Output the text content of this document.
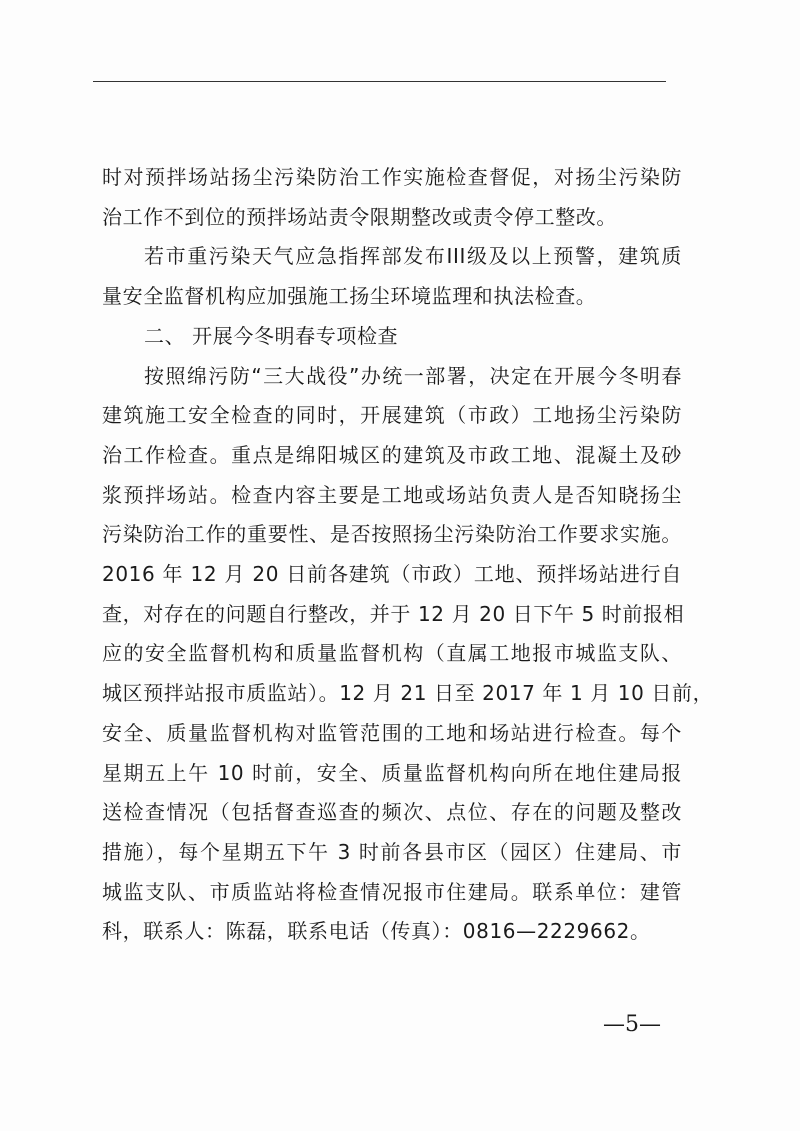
时对预拌场站扬尘污染防治工作实施检查督促，对扬尘污染防
治工作不到位的预拌场站责令限期整改或责令停工整改。
若市重污染天气应急指挥部发布III级及以上预警，建筑质
量安全监督机构应加强施工扬尘环境监理和执法检查。
二、 开展今冬明春专项检查
按照绵污防“三大战役”办统一部署，决定在开展今冬明春
建筑施工安全检查的同时，开展建筑（市政）工地扬尘污染防
治工作检查。重点是绵阳城区的建筑及市政工地、混凝土及砂
浆预拌场站。检查内容主要是工地或场站负责人是否知晓扬尘
污染防治工作的重要性、是否按照扬尘污染防治工作要求实施。
2016 年 12 月 20 日前各建筑（市政）工地、预拌场站进行自
查，对存在的问题自行整改，并于 12 月 20 日下午 5 时前报相
应的安全监督机构和质量监督机构（直属工地报市城监支队、
城区预拌站报市质监站）。12 月 21 日至 2017 年 1 月 10 日前，
安全、质量监督机构对监管范围的工地和场站进行检查。每个
星期五上午 10 时前，安全、质量监督机构向所在地住建局报
送检查情况（包括督查巡查的频次、点位、存在的问题及整改
措施），每个星期五下午 3 时前各县市区（园区）住建局、市
城监支队、市质监站将检查情况报市住建局。联系单位：建管
科，联系人：陈磊，联系电话（传真）：0816—2229662。
—5—
